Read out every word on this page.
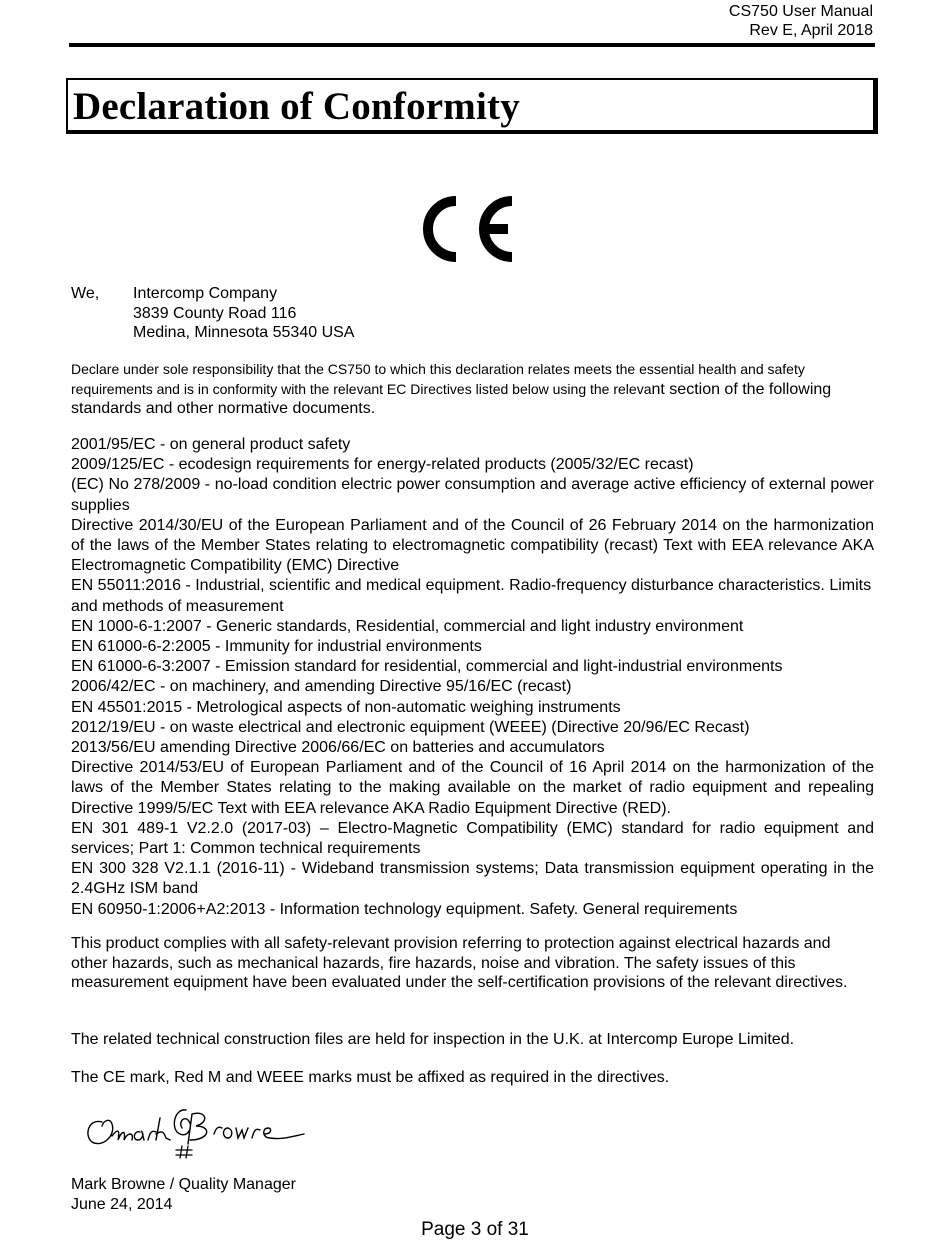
CS750 User Manual
Rev E, April 2018
Declaration of Conformity
We, Intercomp Company
3839 County Road 116
Medina, Minnesota 55340 USA

Declare under sole responsibility that the CS750 to which this declaration relates meets the essential health and safety requirements and is in conformity with the relevant EC Directives listed below using the relevant section of the following standards and other normative documents.

2001/95/EC - on general product safety
2009/125/EC - ecodesign requirements for energy-related products (2005/32/EC recast)
(EC) No 278/2009 - no-load condition electric power consumption and average active efficiency of external power supplies
Directive 2014/30/EU of the European Parliament and of the Council of 26 February 2014 on the harmonization of the laws of the Member States relating to electromagnetic compatibility (recast) Text with EEA relevance AKA Electromagnetic Compatibility (EMC) Directive
EN 55011:2016 - Industrial, scientific and medical equipment. Radio-frequency disturbance characteristics. Limits and methods of measurement
EN 1000-6-1:2007 - Generic standards, Residential, commercial and light industry environment
EN 61000-6-2:2005 - Immunity for industrial environments
EN 61000-6-3:2007 - Emission standard for residential, commercial and light-industrial environments
2006/42/EC - on machinery, and amending Directive 95/16/EC (recast)
EN 45501:2015 - Metrological aspects of non-automatic weighing instruments
2012/19/EU - on waste electrical and electronic equipment (WEEE) (Directive 20/96/EC Recast)
2013/56/EU amending Directive 2006/66/EC on batteries and accumulators
Directive 2014/53/EU of European Parliament and of the Council of 16 April 2014 on the harmonization of the laws of the Member States relating to the making available on the market of radio equipment and repealing Directive 1999/5/EC Text with EEA relevance AKA Radio Equipment Directive (RED).
EN 301 489-1 V2.2.0 (2017-03) – Electro-Magnetic Compatibility (EMC) standard for radio equipment and services; Part 1: Common technical requirements
EN 300 328 V2.1.1 (2016-11) - Wideband transmission systems; Data transmission equipment operating in the 2.4GHz ISM band
EN 60950-1:2006+A2:2013 - Information technology equipment. Safety. General requirements

This product complies with all safety-relevant provision referring to protection against electrical hazards and other hazards, such as mechanical hazards, fire hazards, noise and vibration. The safety issues of this measurement equipment have been evaluated under the self-certification provisions of the relevant directives.

The related technical construction files are held for inspection in the U.K. at Intercomp Europe Limited.

The CE mark, Red M and WEEE marks must be affixed as required in the directives.

Mark Browne / Quality Manager
June 24, 2014
Page 3 of 31
